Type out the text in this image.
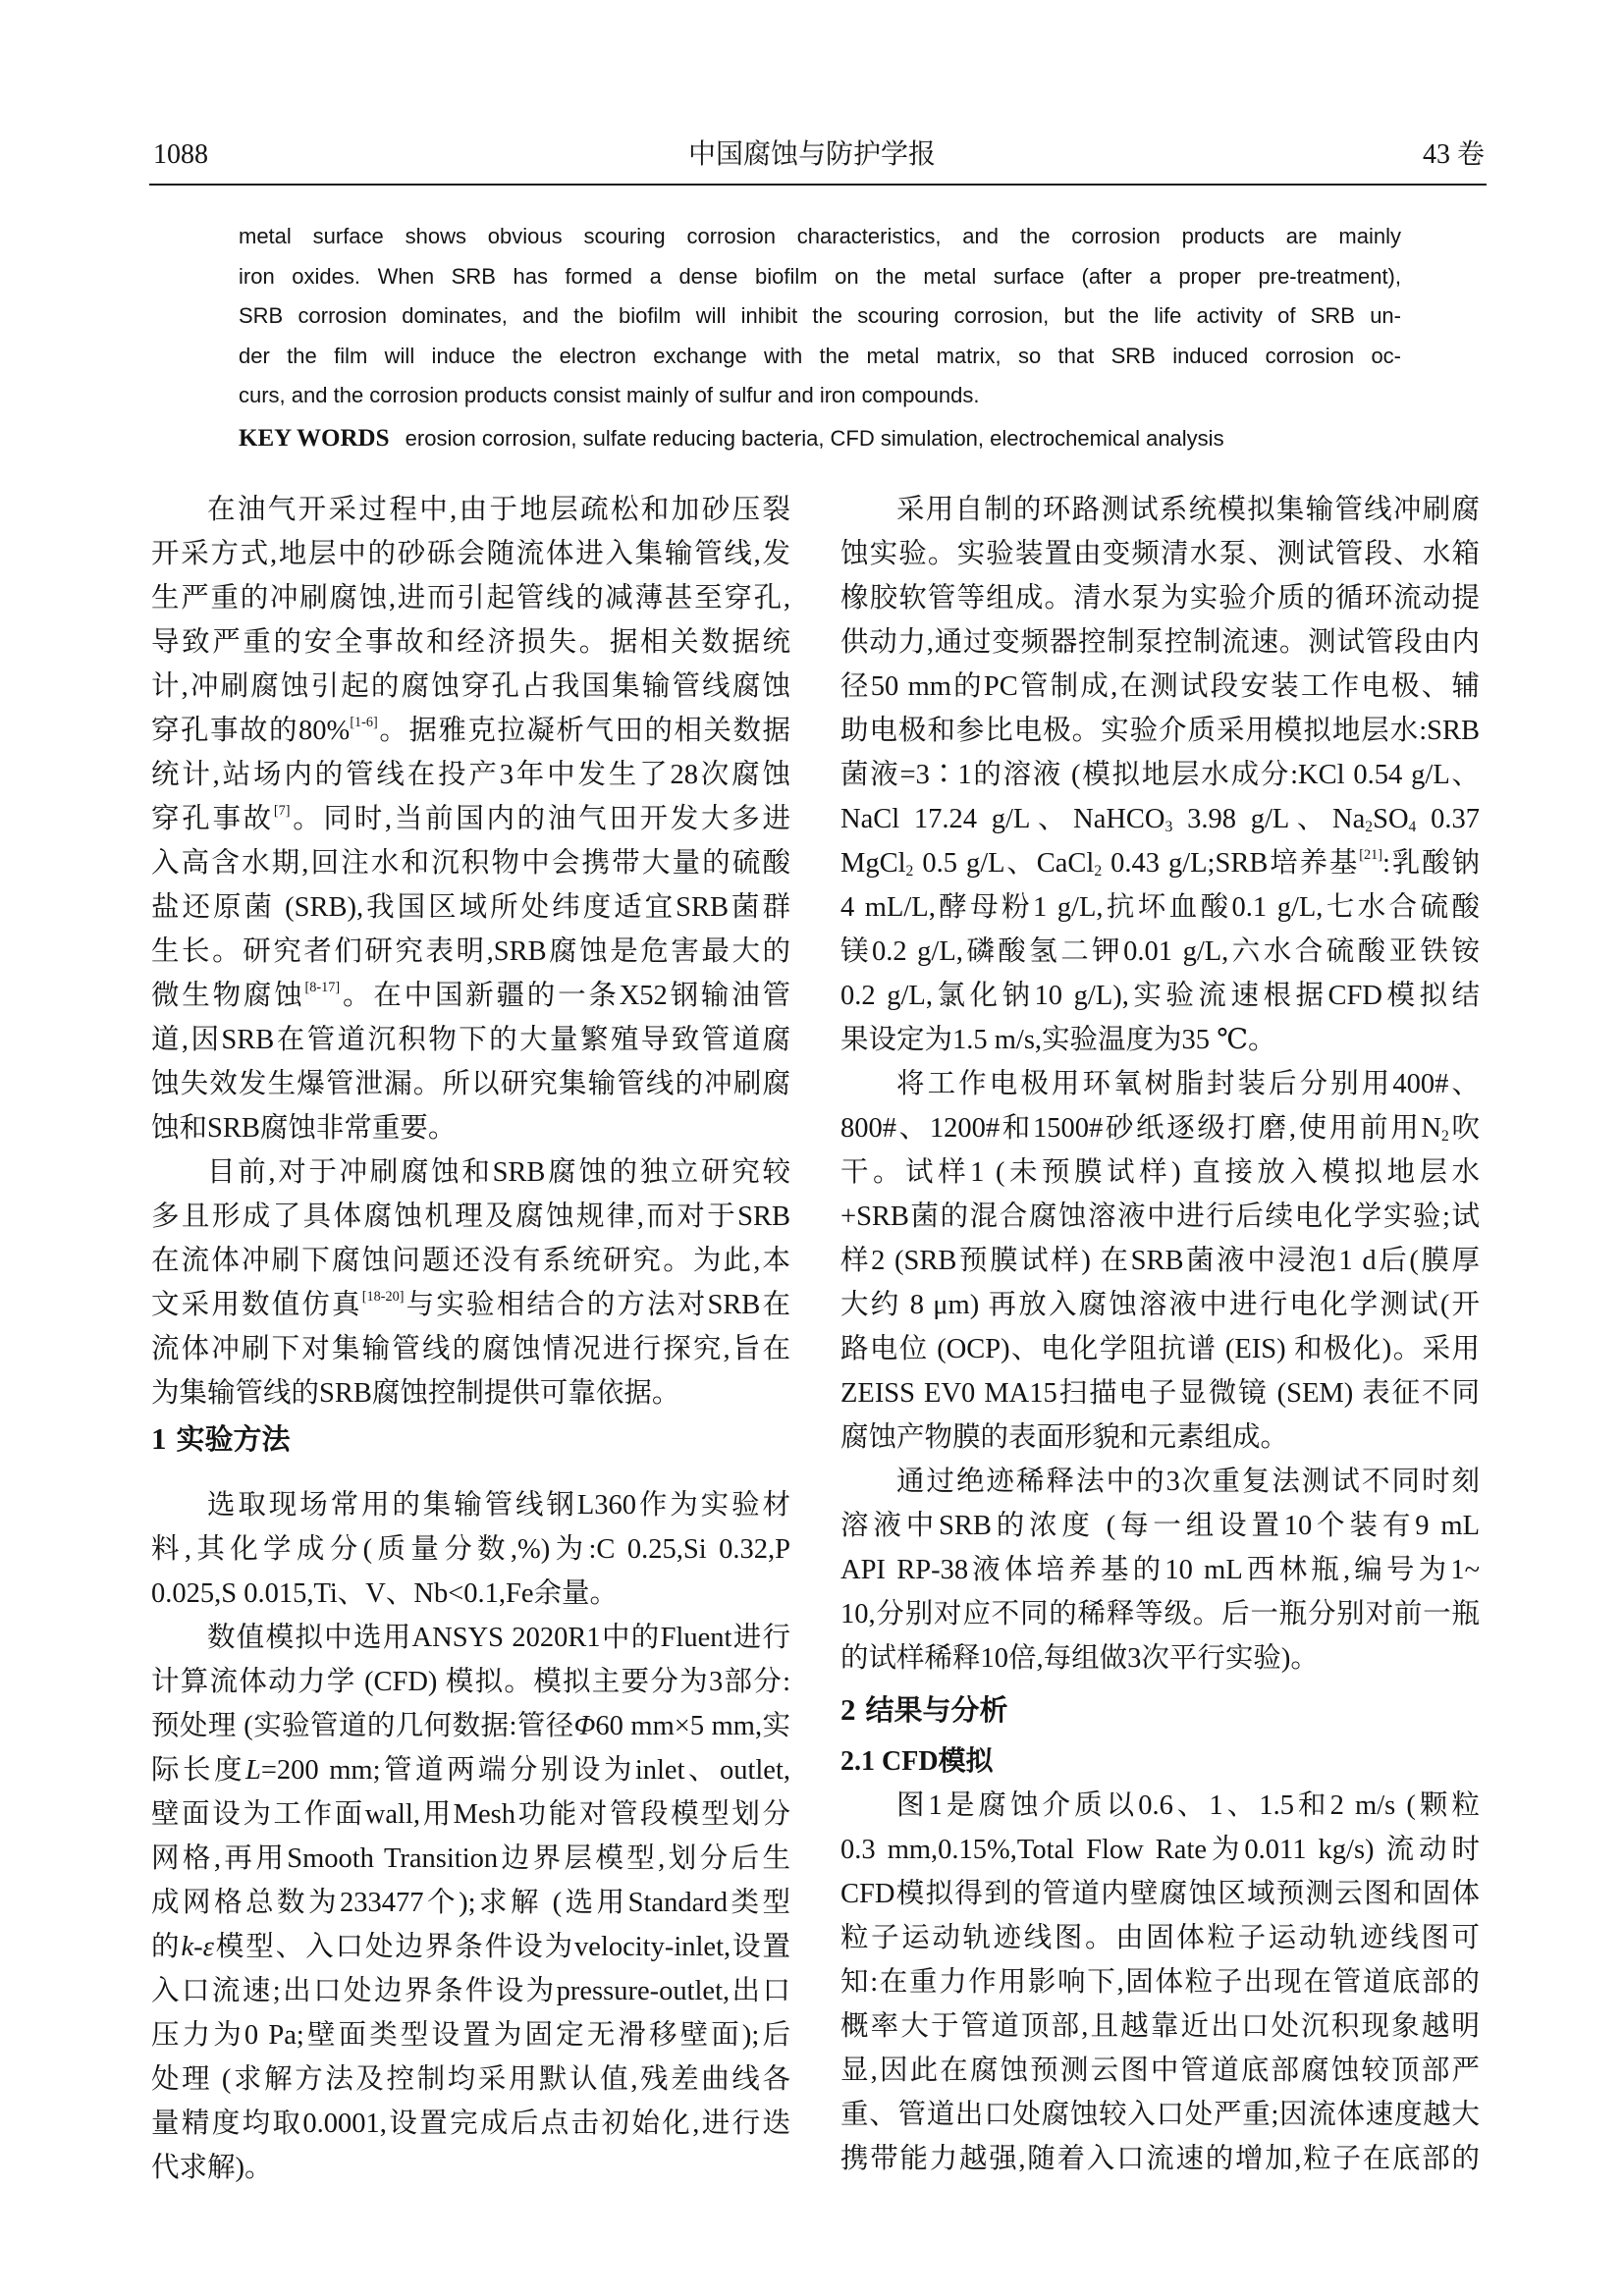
1088	中国腐蚀与防护学报	43 卷
metal surface shows obvious scouring corrosion characteristics, and the corrosion products are mainly
iron oxides. When SRB has formed a dense biofilm on the metal surface (after a proper pre-treatment),
SRB corrosion dominates, and the biofilm will inhibit the scouring corrosion, but the life activity of SRB un-
der the film will induce the electron exchange with the metal matrix, so that SRB induced corrosion oc-
curs, and the corrosion products consist mainly of sulfur and iron compounds.
KEY WORDS erosion corrosion, sulfate reducing bacteria, CFD simulation, electrochemical analysis
在油气开采过程中,由于地层疏松和加砂压裂
开采方式,地层中的砂砾会随流体进入集输管线,发
生严重的冲刷腐蚀,进而引起管线的减薄甚至穿孔,
导致严重的安全事故和经济损失。据相关数据统
计,冲刷腐蚀引起的腐蚀穿孔占我国集输管线腐蚀
穿孔事故的80%[1-6]。据雅克拉凝析气田的相关数据
统计,站场内的管线在投产3年中发生了28次腐蚀
穿孔事故[7]。同时,当前国内的油气田开发大多进
入高含水期,回注水和沉积物中会携带大量的硫酸
盐还原菌 (SRB),我国区域所处纬度适宜SRB菌群
生长。研究者们研究表明,SRB腐蚀是危害最大的
微生物腐蚀[8-17]。在中国新疆的一条X52钢输油管
道,因SRB在管道沉积物下的大量繁殖导致管道腐
蚀失效发生爆管泄漏。所以研究集输管线的冲刷腐
蚀和SRB腐蚀非常重要。
目前,对于冲刷腐蚀和SRB腐蚀的独立研究较
多且形成了具体腐蚀机理及腐蚀规律,而对于SRB
在流体冲刷下腐蚀问题还没有系统研究。为此,本
文采用数值仿真[18-20]与实验相结合的方法对SRB在
流体冲刷下对集输管线的腐蚀情况进行探究,旨在
为集输管线的SRB腐蚀控制提供可靠依据。
1 实验方法
选取现场常用的集输管线钢L360作为实验材
料,其化学成分(质量分数,%)为:C 0.25,Si 0.32,P
0.025,S 0.015,Ti、V、Nb<0.1,Fe余量。
数值模拟中选用ANSYS 2020R1中的Fluent进行
计算流体动力学 (CFD) 模拟。模拟主要分为3部分:
预处理 (实验管道的几何数据:管径Φ60 mm×5 mm,实
际长度L=200 mm;管道两端分别设为inlet、outlet,
壁面设为工作面wall,用Mesh功能对管段模型划分
网格,再用Smooth Transition边界层模型,划分后生
成网格总数为233477个);求解 (选用Standard类型
的k-ε模型、入口处边界条件设为velocity-inlet,设置
入口流速;出口处边界条件设为pressure-outlet,出口
压力为0 Pa;壁面类型设置为固定无滑移壁面);后
处理 (求解方法及控制均采用默认值,残差曲线各
量精度均取0.0001,设置完成后点击初始化,进行迭
代求解)。
采用自制的环路测试系统模拟集输管线冲刷腐
蚀实验。实验装置由变频清水泵、测试管段、水箱
橡胶软管等组成。清水泵为实验介质的循环流动提
供动力,通过变频器控制泵控制流速。测试管段由内
径50 mm的PC管制成,在测试段安装工作电极、辅
助电极和参比电极。实验介质采用模拟地层水:SRB
菌液=3∶1的溶液 (模拟地层水成分:KCl 0.54 g/L、
NaCl 17.24 g/L、NaHCO$_3$ 3.98 g/L、$Na_2SO_4$ 0.37
MgCl$_2$ 0.5 g/L、CaCl$_2$ 0.43 g/L;SRB培养基[21]:乳酸钠
4 mL/L,酵母粉1 g/L,抗坏血酸0.1 g/L,七水合硫酸
镁0.2 g/L,磷酸氢二钾0.01 g/L,六水合硫酸亚铁铵
0.2 g/L,氯化钠10 g/L),实验流速根据CFD模拟结
果设定为1.5 m/s,实验温度为35 ℃。
将工作电极用环氧树脂封装后分别用400#、
800#、1200#和1500#砂纸逐级打磨,使用前用$N_2$吹
干。试样1 (未预膜试样) 直接放入模拟地层水
+SRB菌的混合腐蚀溶液中进行后续电化学实验;试
样2 (SRB预膜试样) 在SRB菌液中浸泡1 d后(膜厚
大约 8 μm) 再放入腐蚀溶液中进行电化学测试(开
路电位 (OCP)、电化学阻抗谱 (EIS) 和极化)。采用
ZEISS EV0 MA15扫描电子显微镜 (SEM) 表征不同
腐蚀产物膜的表面形貌和元素组成。
通过绝迹稀释法中的3次重复法测试不同时刻
溶液中SRB的浓度 (每一组设置10个装有9 mL
API RP-38液体培养基的10 mL西林瓶,编号为1~
10,分别对应不同的稀释等级。后一瓶分别对前一瓶
的试样稀释10倍,每组做3次平行实验)。
2 结果与分析
2.1 CFD模拟
图1是腐蚀介质以0.6、1、1.5和2 m/s (颗粒
0.3 mm,0.15%,Total Flow Rate为0.011 kg/s) 流动时
CFD模拟得到的管道内壁腐蚀区域预测云图和固体
粒子运动轨迹线图。由固体粒子运动轨迹线图可
知:在重力作用影响下,固体粒子出现在管道底部的
概率大于管道顶部,且越靠近出口处沉积现象越明
显,因此在腐蚀预测云图中管道底部腐蚀较顶部严
重、管道出口处腐蚀较入口处严重;因流体速度越大
携带能力越强,随着入口流速的增加,粒子在底部的
